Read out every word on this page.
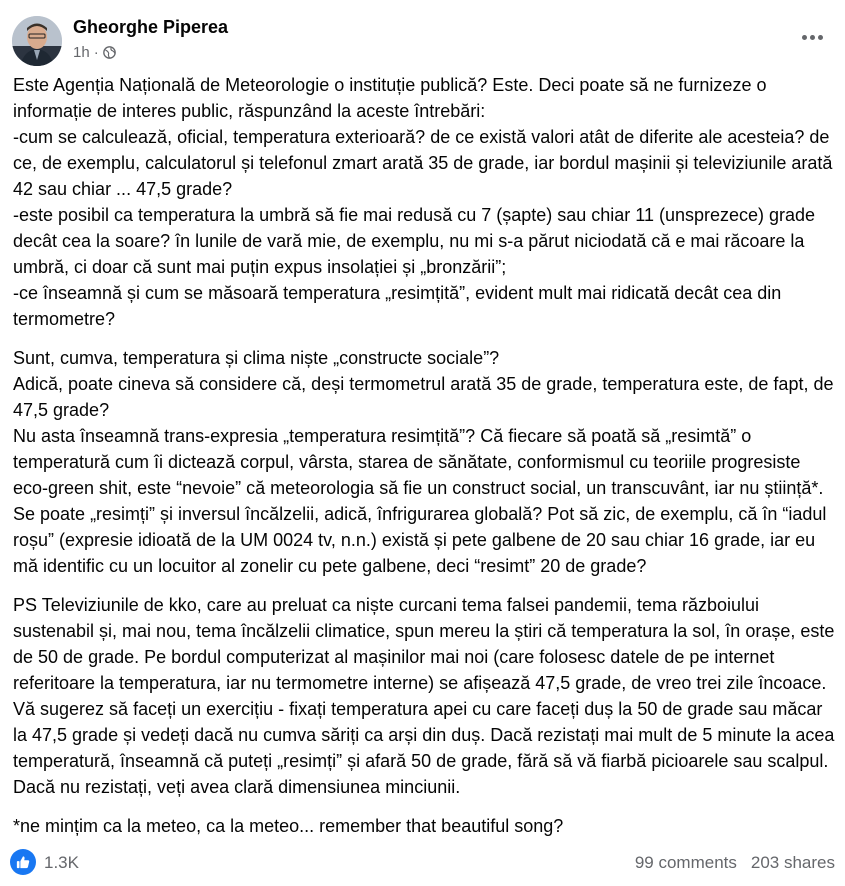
Gheorghe Piperea
1h ·

Este Agenția Națională de Meteorologie o instituție publică? Este. Deci poate să ne furnizeze o informație de interes public, răspunzând la aceste întrebări:
-cum se calculează, oficial, temperatura exterioară? de ce există valori atât de diferite ale acesteia? de ce, de exemplu, calculatorul și telefonul zmart arată 35 de grade, iar bordul mașinii și televiziunile arată 42 sau chiar ... 47,5 grade?
-este posibil ca temperatura la umbră să fie mai redusă cu 7 (șapte) sau chiar 11 (unsprezece) grade decât cea la soare? în lunile de vară mie, de exemplu, nu mi s-a părut niciodată că e mai răcoare la umbră, ci doar că sunt mai puțin expus insolației și „bronzării”;
-ce înseamnă și cum se măsoară temperatura „resimțită”, evident mult mai ridicată decât cea din termometre?

Sunt, cumva, temperatura și clima niște „constructe sociale”?
Adică, poate cineva să considere că, deși termometrul arată 35 de grade, temperatura este, de fapt, de 47,5 grade?
Nu asta înseamnă trans-expresia „temperatura resimțită”? Că fiecare să poată să „resimtă” o temperatură cum îi dictează corpul, vârsta, starea de sănătate, conformismul cu teoriile progresiste eco-green shit, este “nevoie” că meteorologia să fie un construct social, un transcuvânt, iar nu știință*.
Se poate „resimți” și inversul încălzelii, adică, înfrigurarea globală? Pot să zic, de exemplu, că în “iadul roșu” (expresie idioată de la UM 0024 tv, n.n.) există și pete galbene de 20 sau chiar 16 grade, iar eu mă identific cu un locuitor al zonelir cu pete galbene, deci “resimt” 20 de grade?

PS Televiziunile de kko, care au preluat ca niște curcani tema falsei pandemii, tema războiului sustenabil și, mai nou, tema încălzelii climatice, spun mereu la știri că temperatura la sol, în orașe, este de 50 de grade. Pe bordul computerizat al mașinilor mai noi (care folosesc datele de pe internet referitoare la temperatura, iar nu termometre interne) se afișează 47,5 grade, de vreo trei zile încoace. Vă sugerez să faceți un exercițiu - fixați temperatura apei cu care faceți duș la 50 de grade sau măcar la 47,5 grade și vedeți dacă nu cumva săriți ca arși din duș. Dacă rezistați mai mult de 5 minute la acea temperatură, înseamnă că puteți „resimți” și afară 50 de grade, fără să vă fiarbă picioarele sau scalpul. Dacă nu rezistați, veți avea clară dimensiunea minciunii.

*ne mințim ca la meteo, ca la meteo... remember that beautiful song?

1.3K	99 comments 203 shares
